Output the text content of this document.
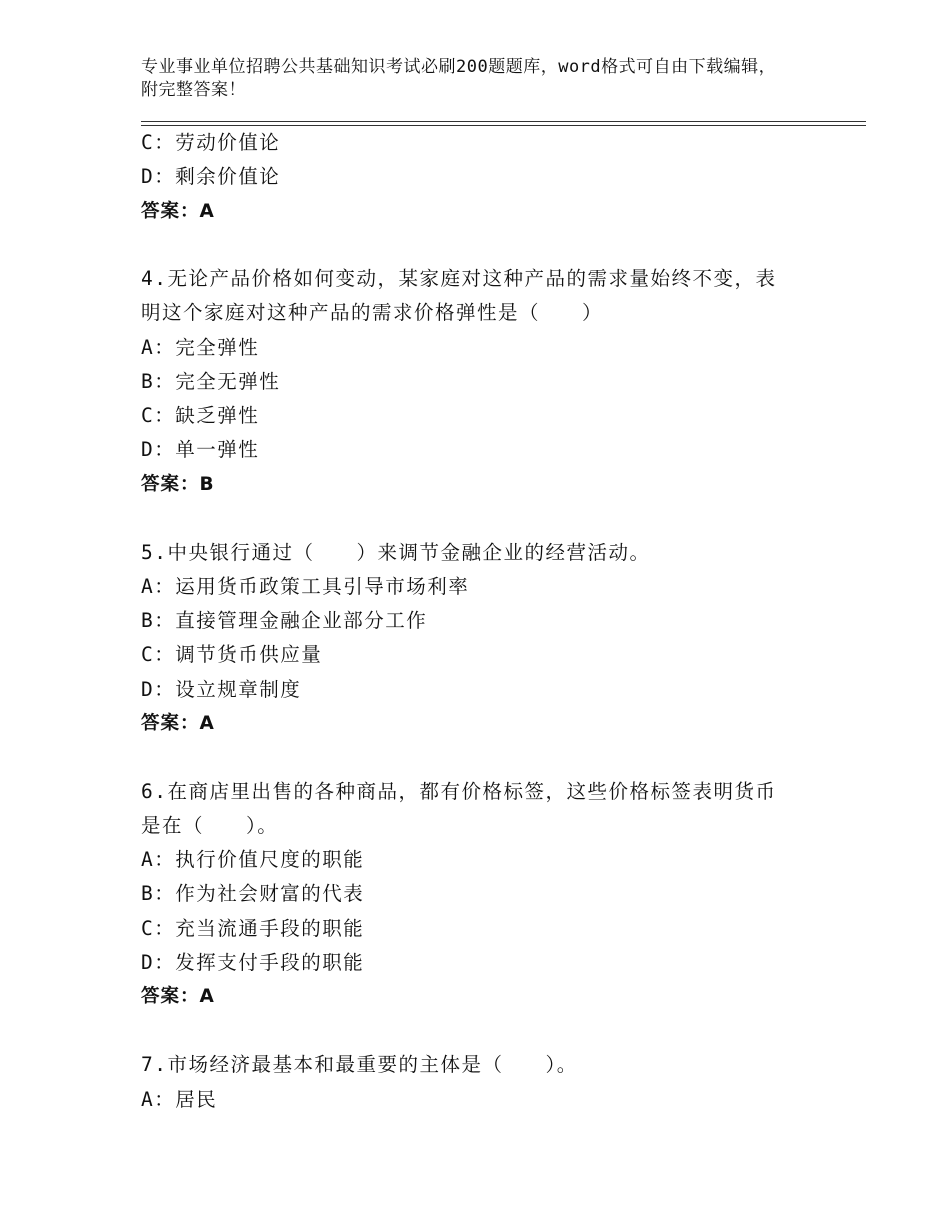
专业事业单位招聘公共基础知识考试必刷200题题库，word格式可自由下载编辑，附完整答案！
C：劳动价值论
D：剩余价值论
答案：A
4.无论产品价格如何变动，某家庭对这种产品的需求量始终不变，表
明这个家庭对这种产品的需求价格弹性是（　　）
A：完全弹性
B：完全无弹性
C：缺乏弹性
D：单一弹性
答案：B
5.中央银行通过（　　）来调节金融企业的经营活动。
A：运用货币政策工具引导市场利率
B：直接管理金融企业部分工作
C：调节货币供应量
D：设立规章制度
答案：A
6.在商店里出售的各种商品，都有价格标签，这些价格标签表明货币
是在（　　）。
A：执行价值尺度的职能
B：作为社会财富的代表
C：充当流通手段的职能
D：发挥支付手段的职能
答案：A
7.市场经济最基本和最重要的主体是（　　）。
A：居民
